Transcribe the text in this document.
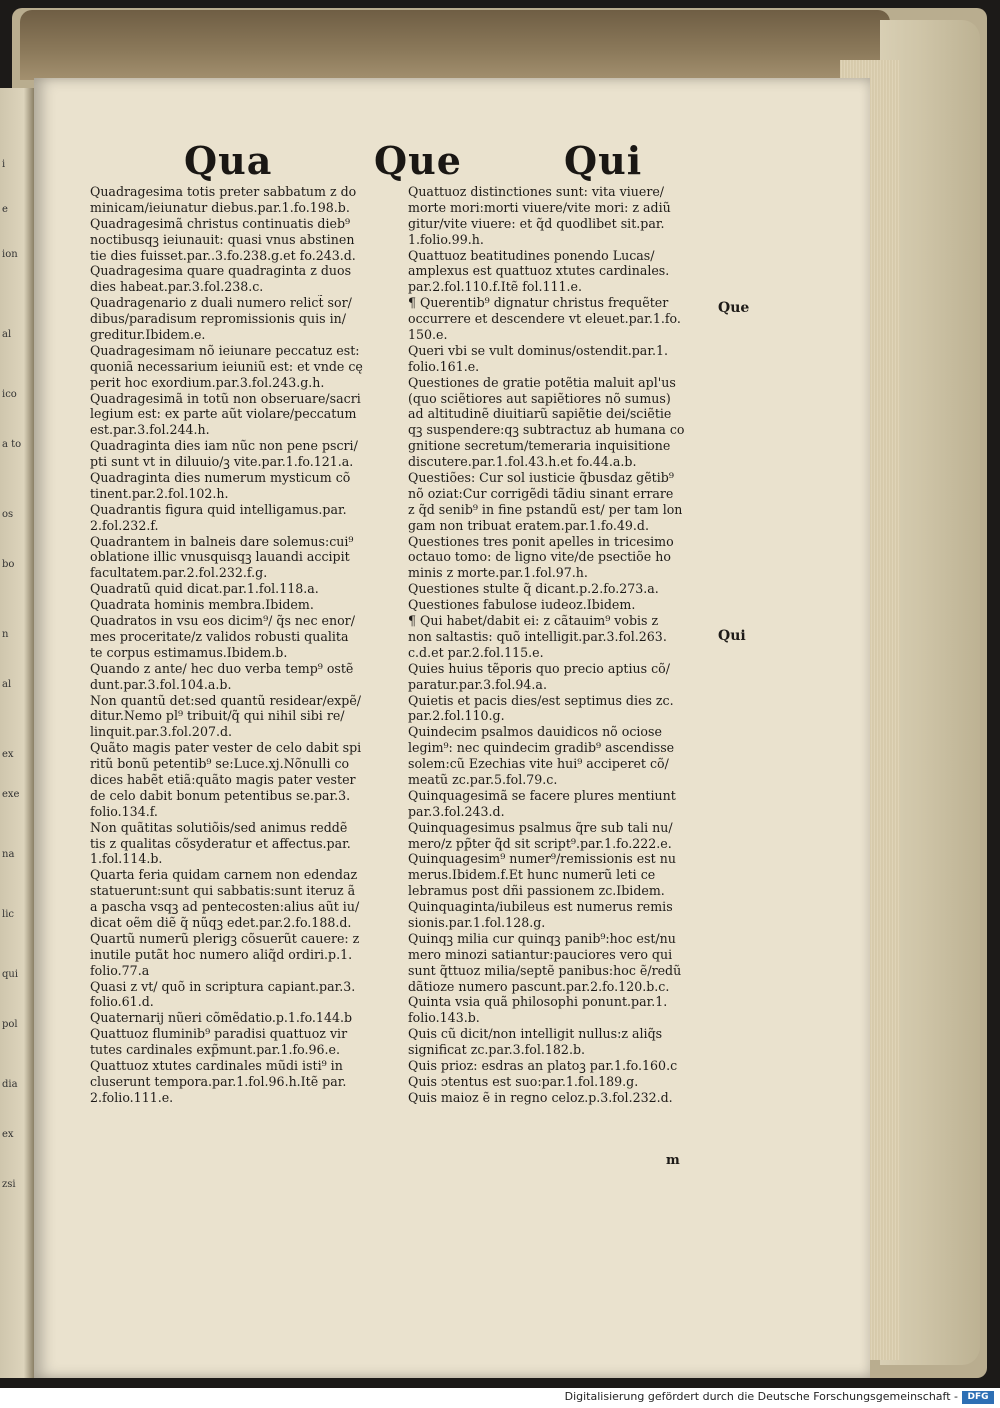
i
e
ion
al
ico
a to
os
bo
n
al
ex
exe
na
lic
qui
pol
dia
ex
zsi
Qua	Que	Qui
Quadragesima totis preter sabbatum z do
minicam/ieiunatur diebus.par.1.fo.198.b.
Quadragesimã christus continuatis dieb⁹
noctibusqꝫ ieiunauit: quasi vnus abstinen
tie dies fuisset.par..3.fo.238.g.et fo.243.d.
Quadragesima quare quadraginta z duos
dies habeat.par.3.fol.238.c.
Quadragenario z duali numero relict̃ sor/
dibus/paradisum repromissionis quis in/
greditur.Ibidem.e.
Quadragesimam nõ ieiunare peccatuz est:
quoniã necessarium ieiuniũ est: et vnde cę
perit hoc exordium.par.3.fol.243.g.h.
Quadragesimã in totũ non obseruare/sacri
legium est: ex parte aũt violare/peccatum
est.par.3.fol.244.h.
Quadraginta dies iam nũc non pene pscri/
pti sunt vt in diluuio/ꝫ vite.par.1.fo.121.a.
Quadraginta dies numerum mysticum cõ
tinent.par.2.fol.102.h.
Quadrantis figura quid intelligamus.par.
2.fol.232.f.
Quadrantem in balneis dare solemus:cui⁹
oblatione illic vnusquisqꝫ lauandi accipit
facultatem.par.2.fol.232.f.g.
Quadratũ quid dicat.par.1.fol.118.a.
Quadrata hominis membra.Ibidem.
Quadratos in vsu eos dicim⁹/ q̃s nec enor/
mes proceritate/z validos robusti qualita
te corpus estimamus.Ibidem.b.
Quando z ante/ hec duo verba temp⁹ ostẽ
dunt.par.3.fol.104.a.b.
Non quantũ det:sed quantũ residear/expẽ/
ditur.Nemo pl⁹ tribuit/q̃ qui nihil sibi re/
linquit.par.3.fol.207.d.
Quãto magis pater vester de celo dabit spi
ritũ bonũ petentib⁹ se:Luce.xj.Nõnulli co
dices habẽt etiã:quãto magis pater vester
de celo dabit bonum petentibus se.par.3.
folio.134.f.
Non quãtitas solutiõis/sed animus reddẽ
tis z qualitas cõsyderatur et affectus.par.
1.fol.114.b.
Quarta feria quidam carnem non edendaz
statuerunt:sunt qui sabbatis:sunt iteruz ã
a pascha vsqꝫ ad pentecosten:alius aũt iu/
dicat oẽm diẽ q̃ nũqꝫ edet.par.2.fo.188.d.
Quartũ numerũ plerigꝫ cõsuerũt cauere: z
inutile putãt hoc numero aliq̃d ordiri.p.1.
folio.77.a
Quasi z vt/ quõ in scriptura capiant.par.3.
folio.61.d.
Quaternarij nũeri cõmẽdatio.p.1.fo.144.b
Quattuoz fluminib⁹ paradisi quattuoz vir
tutes cardinales exp̃munt.par.1.fo.96.e.
Quattuoz xtutes cardinales mũdi isti⁹ in
cluserunt tempora.par.1.fol.96.h.Itẽ par.
2.folio.111.e.
Quattuoz distinctiones sunt: vita viuere/
morte mori:morti viuere/vite mori: z adiũ
gitur/vite viuere: et q̃d quodlibet sit.par.
1.folio.99.h.
Quattuoz beatitudines ponendo Lucas/
amplexus est quattuoz xtutes cardinales.
par.2.fol.110.f.Itẽ fol.111.e.
¶ Querentib⁹ dignatur christus frequẽter
occurrere et descendere vt eleuet.par.1.fo.
150.e.
Queri vbi se vult dominus/ostendit.par.1.
folio.161.e.
Questiones de gratie potẽtia maluit apl'us
(quo sciẽtiores aut sapiẽtiores nõ sumus)
ad altitudinẽ diuitiarũ sapiẽtie dei/sciẽtie
qꝫ suspendere:qꝫ subtractuz ab humana co
gnitione secretum/temeraria inquisitione
discutere.par.1.fol.43.h.et fo.44.a.b.
Questiões: Cur sol iusticie q̃busdaz gẽtib⁹
nõ oziat:Cur corrigẽdi tãdiu sinant errare
z q̃d senib⁹ in fine pstandũ est/ per tam lon
gam non tribuat eratem.par.1.fo.49.d.
Questiones tres ponit apelles in tricesimo
octauo tomo: de ligno vite/de psectiõe ho
minis z morte.par.1.fol.97.h.
Questiones stulte q̃ dicant.p.2.fo.273.a.
Questiones fabulose iudeoz.Ibidem.
¶ Qui habet/dabit ei: z cãtauim⁹ vobis z
non saltastis: quõ intelligit.par.3.fol.263.
c.d.et par.2.fol.115.e.
Quies huius tẽporis quo precio aptius cõ/
paratur.par.3.fol.94.a.
Quietis et pacis dies/est septimus dies zc.
par.2.fol.110.g.
Quindecim psalmos dauidicos nõ ociose
legim⁹: nec quindecim gradib⁹ ascendisse
solem:cũ Ezechias vite hui⁹ acciperet cõ/
meatũ zc.par.5.fol.79.c.
Quinquagesimã se facere plures mentiunt
par.3.fol.243.d.
Quinquagesimus psalmus q̃re sub tali nu/
mero/z pp̃ter q̃d sit script⁹.par.1.fo.222.e.
Quinquagesim⁹ numer⁹/remissionis est nu
merus.Ibidem.f.Et hunc numerũ leti ce
lebramus post dñi passionem zc.Ibidem.
Quinquaginta/iubileus est numerus remis
sionis.par.1.fol.128.g.
Quinqꝫ milia cur quinqꝫ panib⁹:hoc est/nu
mero minozi satiantur:pauciores vero qui
sunt q̃ttuoz milia/septẽ panibus:hoc ẽ/redũ
dãtioze numero pascunt.par.2.fo.120.b.c.
Quinta vsia quã philosophi ponunt.par.1.
folio.143.b.
Quis cũ dicit/non intelligit nullus:z aliq̃s
significat zc.par.3.fol.182.b.
Quis prioz: esdras an platoꝫ par.1.fo.160.c
Quis ɔtentus est suo:par.1.fol.189.g.
Quis maioz ẽ in regno celoz.p.3.fol.232.d.
Que
Qui
m
Digitalisierung gefördert durch die Deutsche Forschungsgemeinschaft -	DFG
